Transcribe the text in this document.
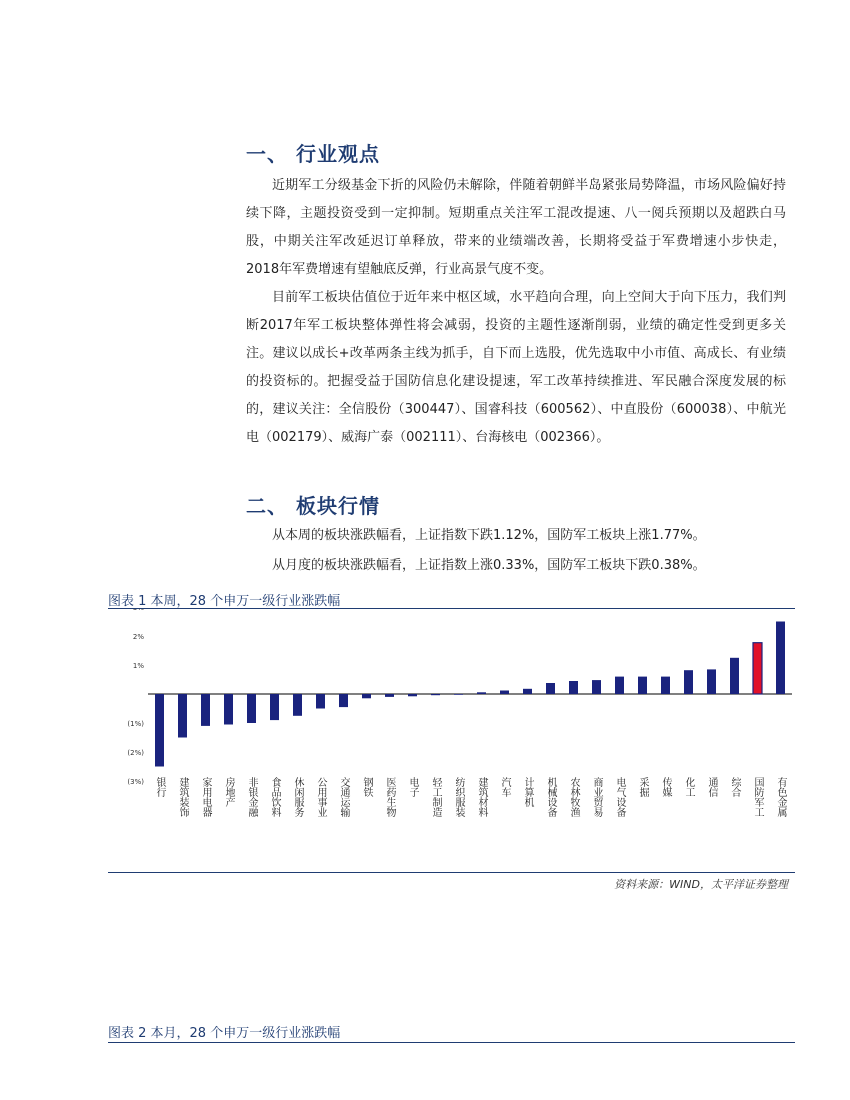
一、 行业观点

近期军工分级基金下折的风险仍未解除，伴随着朝鲜半岛紧张局势降温，市场风险偏好持续下降，主题投资受到一定抑制。短期重点关注军工混改提速、八一阅兵预期以及超跌白马股，中期关注军改延迟订单释放，带来的业绩端改善，长期将受益于军费增速小步快走，2018年军费增速有望触底反弹，行业高景气度不变。

目前军工板块估值位于近年来中枢区域，水平趋向合理，向上空间大于向下压力，我们判断2017年军工板块整体弹性将会减弱，投资的主题性逐渐削弱，业绩的确定性受到更多关注。建议以成长+改革两条主线为抓手，自下而上选股，优先选取中小市值、高成长、有业绩的投资标的。把握受益于国防信息化建设提速，军工改革持续推进、军民融合深度发展的标的，建议关注：全信股份（300447）、国睿科技（600562）、中直股份（600038）、中航光电（002179）、威海广泰（002111）、台海核电（002366）。

二、 板块行情
从本周的板块涨跌幅看，上证指数下跌1.12%，国防军工板块上涨1.77%。
从月度的板块涨跌幅看，上证指数上涨0.33%，国防军工板块下跌0.38%。
图表 1 本周，28 个申万一级行业涨跌幅
(3%)
(2%)
(1%)
1%
2%
银行 建筑装饰 家用电器 房地产 非银金融 食品饮料 休闲服务 公用事业 交通运输 钢铁 医药生物 电子 轻工制造 纺织服装 建筑材料 汽车 计算机 机械设备 农林牧渔 商业贸易 电气设备 采掘 传媒 化工 通信 综合 国防军工 有色金属
资料来源：WIND，太平洋证券整理
图表 2 本月，28 个申万一级行业涨跌幅
